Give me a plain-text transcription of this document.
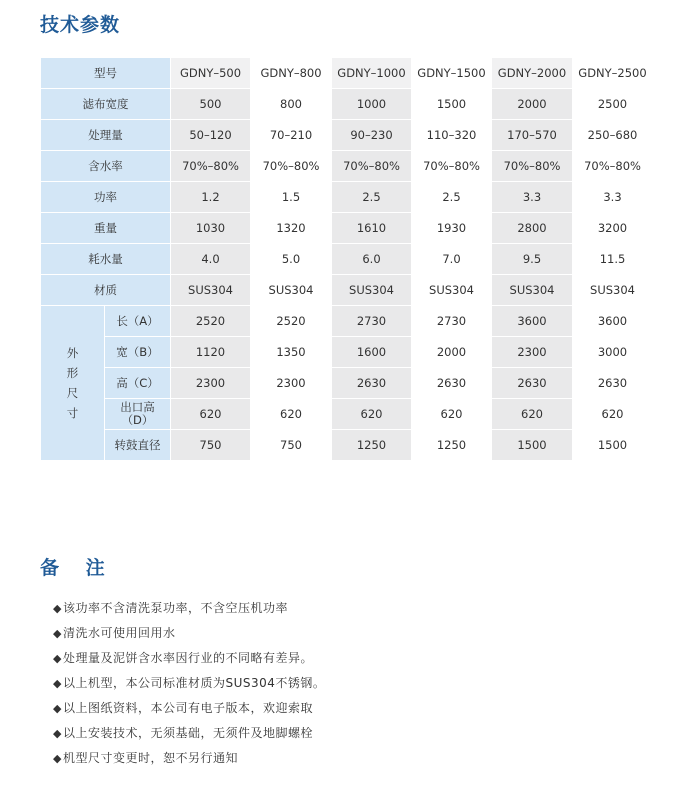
技术参数
型号		GDNY–500	GDNY–800	GDNY–1000	GDNY–1500	GDNY–2000	GDNY–2500
滤布宽度		500	800	1000	1500	2000	2500
处理量		50–120	70–210	90–230	110–320	170–570	250–680
含水率		70%–80%	70%–80%	70%–80%	70%–80%	70%–80%	70%–80%
功率		1.2	1.5	2.5	2.5	3.3	3.3
重量		1030	1320	1610	1930	2800	3200
耗水量		4.0	5.0	6.0	7.0	9.5	11.5
材质		SUS304	SUS304	SUS304	SUS304	SUS304	SUS304

外
形
尺
寸	长（A）	2520	2520	2730	2730	3600	3600
	宽（B）	1120	1350	1600	2000	2300	3000
	高（C）	2300	2300	2630	2630	2630	2630

	出口高
（D）	620	620	620	620	620	620
	转鼓直径	750	750	1250	1250	1500	1500
备 注
◆该功率不含清洗泵功率，不含空压机功率
◆清洗水可使用回用水
◆处理量及泥饼含水率因行业的不同略有差异。
◆以上机型，本公司标准材质为SUS304不锈钢。
◆以上图纸资料，本公司有电子版本，欢迎索取
◆以上安装技术，无须基础，无须件及地脚螺栓
◆机型尺寸变更时，恕不另行通知
